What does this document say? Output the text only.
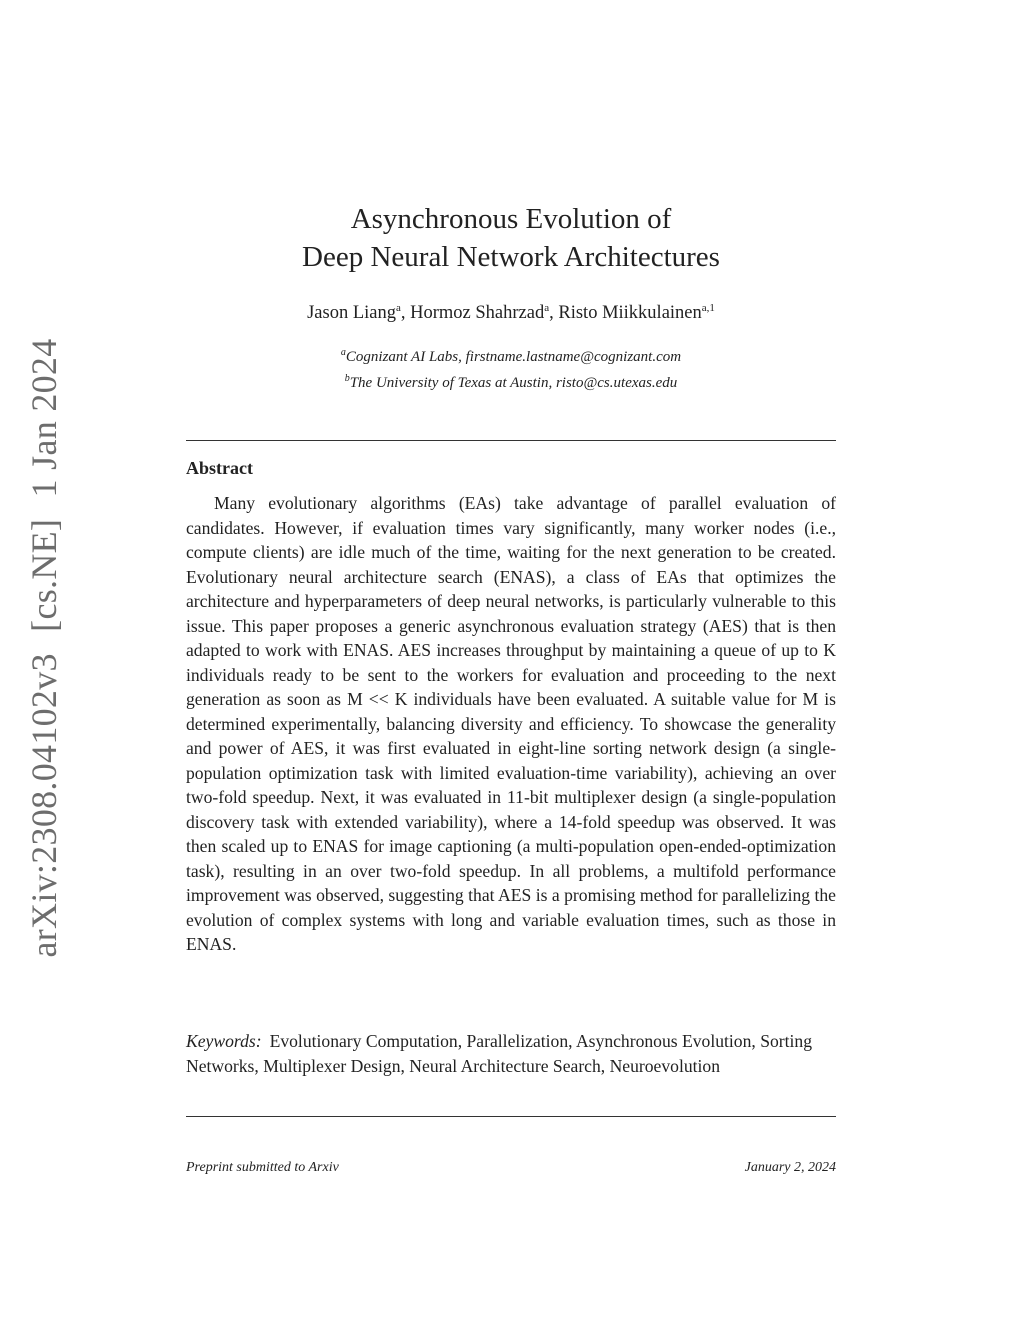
arXiv:2308.04102v3 [cs.NE] 1 Jan 2024
Asynchronous Evolution of
Deep Neural Network Architectures
Jason Liang$^a$, Hormoz Shahrzad$^a$, Risto Miikkulainen$^{a,1}$
$^a$Cognizant AI Labs, firstname.lastname@cognizant.com
$^b$The University of Texas at Austin, risto@cs.utexas.edu
Abstract
Many evolutionary algorithms (EAs) take advantage of parallel evaluation of candidates. However, if evaluation times vary significantly, many worker nodes (i.e., compute clients) are idle much of the time, waiting for the next generation to be created. Evolutionary neural architecture search (ENAS), a class of EAs that optimizes the architecture and hyperparameters of deep neural networks, is particularly vulnerable to this issue. This paper proposes a generic asynchronous evaluation strategy (AES) that is then adapted to work with ENAS. AES increases throughput by maintaining a queue of up to K individuals ready to be sent to the workers for evaluation and proceeding to the next generation as soon as M << K individuals have been evaluated. A suitable value for M is determined experimentally, balancing diversity and efficiency. To showcase the generality and power of AES, it was first evaluated in eight-line sorting network design (a single-population optimization task with limited evaluation-time variability), achieving an over two-fold speedup. Next, it was evaluated in 11-bit multiplexer design (a single-population discovery task with extended variability), where a 14-fold speedup was observed. It was then scaled up to ENAS for image captioning (a multi-population open-ended-optimization task), resulting in an over two-fold speedup. In all problems, a multifold performance improvement was observed, suggesting that AES is a promising method for parallelizing the evolution of complex systems with long and variable evaluation times, such as those in ENAS.
Keywords: Evolutionary Computation, Parallelization, Asynchronous Evolution, Sorting Networks, Multiplexer Design, Neural Architecture Search, Neuroevolution
Preprint submitted to Arxiv	January 2, 2024
